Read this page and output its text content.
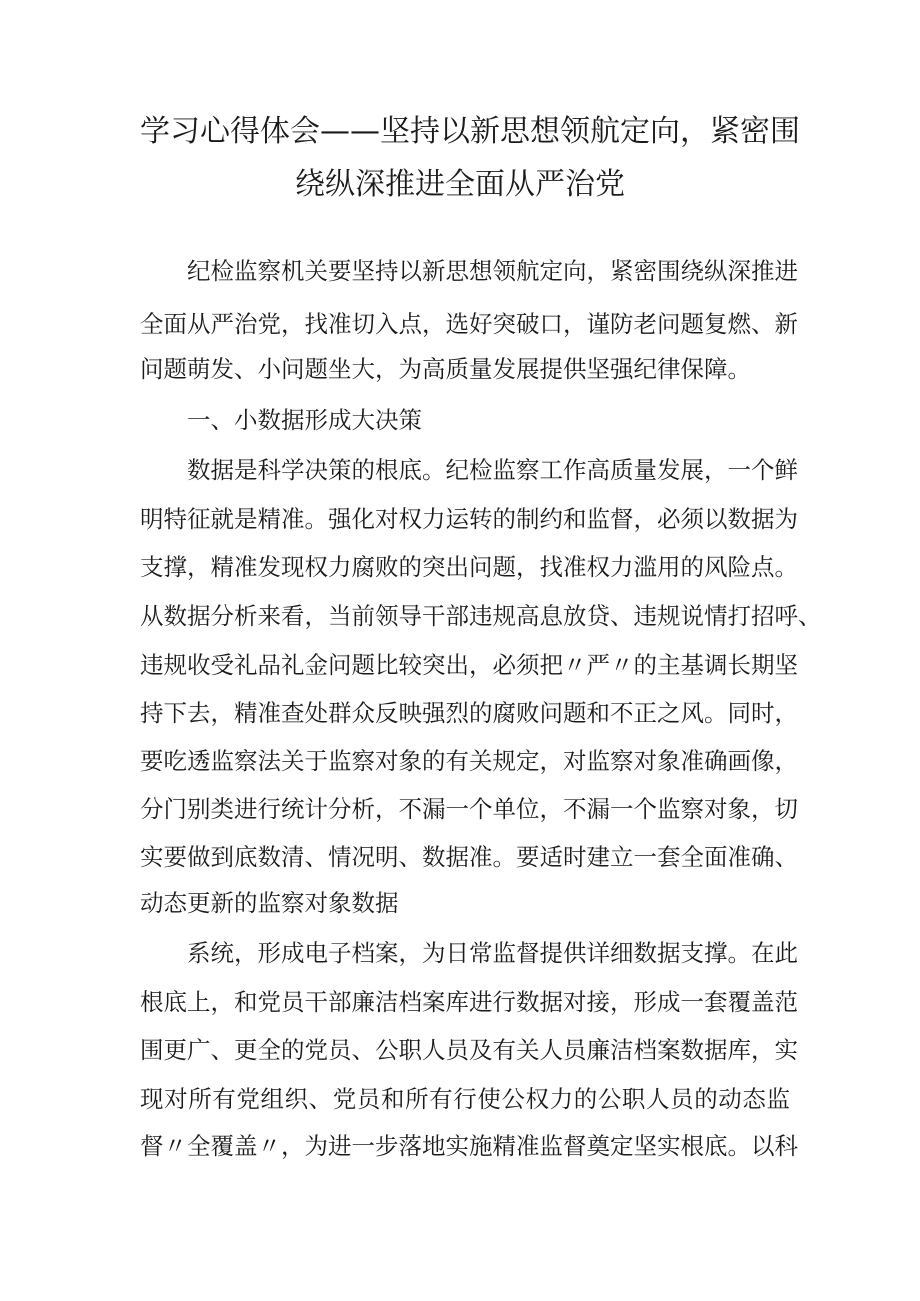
学习心得体会——坚持以新思想领航定向，紧密围
绕纵深推进全面从严治党
纪检监察机关要坚持以新思想领航定向，紧密围绕纵深推进
全面从严治党，找准切入点，选好突破口，谨防老问题复燃、新
问题萌发、小问题坐大，为高质量发展提供坚强纪律保障。
一、小数据形成大决策
数据是科学决策的根底。纪检监察工作高质量发展，一个鲜
明特征就是精准。强化对权力运转的制约和监督，必须以数据为
支撑，精准发现权力腐败的突出问题，找准权力滥用的风险点。
从数据分析来看，当前领导干部违规高息放贷、违规说情打招呼、
违规收受礼品礼金问题比较突出，必须把〃严〃的主基调长期坚
持下去，精准查处群众反映强烈的腐败问题和不正之风。同时，
要吃透监察法关于监察对象的有关规定，对监察对象准确画像，
分门别类进行统计分析，不漏一个单位，不漏一个监察对象，切
实要做到底数清、情况明、数据准。要适时建立一套全面准确、
动态更新的监察对象数据
系统，形成电子档案，为日常监督提供详细数据支撑。在此
根底上，和党员干部廉洁档案库进行数据对接，形成一套覆盖范
围更广、更全的党员、公职人员及有关人员廉洁档案数据库，实
现对所有党组织、党员和所有行使公权力的公职人员的动态监
督〃全覆盖〃，为进一步落地实施精准监督奠定坚实根底。以科
